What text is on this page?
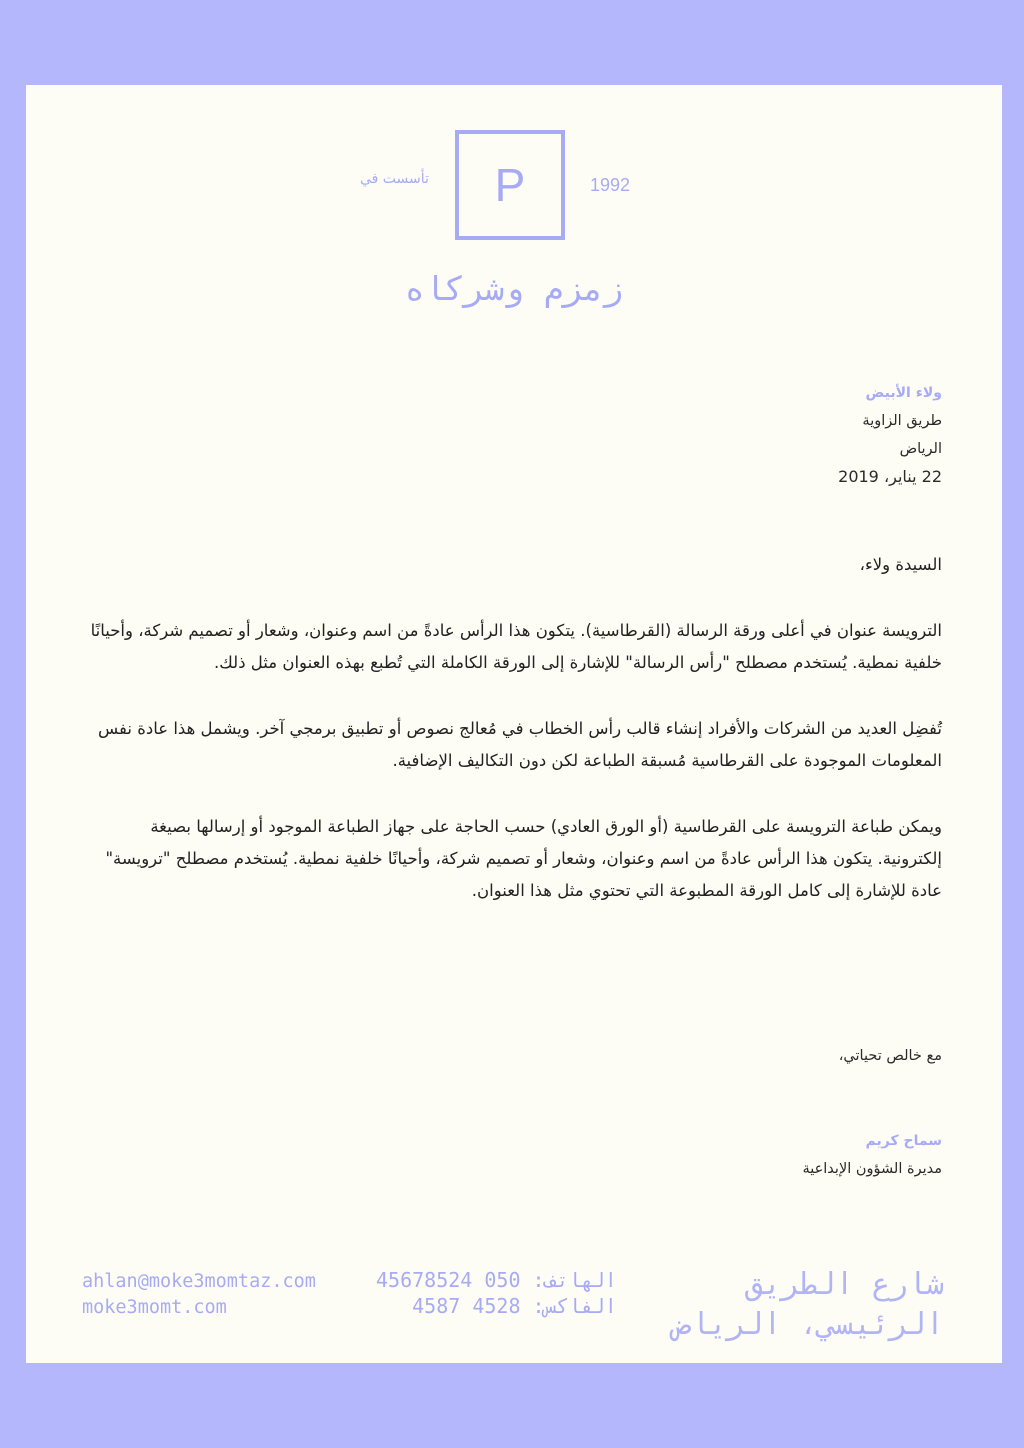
تأسست في P	1992
زمزم وشركاه
ولاء الأبيض
طريق الزاوية
الرياض
22 يناير، 2019

السيدة ولاء،

الترويسة عنوان في أعلى ورقة الرسالة (القرطاسية). يتكون هذا الرأس عادةً من اسم وعنوان، وشعار أو تصميم شركة، وأحيانًا خلفية نمطية. يُستخدم مصطلح "رأس الرسالة" للإشارة إلى الورقة الكاملة التي تُطبع بهذه العنوان مثل ذلك.

تُفضِل العديد من الشركات والأفراد إنشاء قالب رأس الخطاب في مُعالج نصوص أو تطبيق برمجي آخر. ويشمل هذا عادة نفس المعلومات الموجودة على القرطاسية مُسبقة الطباعة لكن دون التكاليف الإضافية.

ويمكن طباعة الترويسة على القرطاسية (أو الورق العادي) حسب الحاجة على جهاز الطباعة الموجود أو إرسالها بصيغة إلكترونية. يتكون هذا الرأس عادةً من اسم وعنوان، وشعار أو تصميم شركة، وأحيانًا خلفية نمطية. يُستخدم مصطلح "ترويسة" عادة للإشارة إلى كامل الورقة المطبوعة التي تحتوي مثل هذا العنوان.

مع خالص تحياتي،
سماح كريم
مديرة الشؤون الإبداعية
شارع الطريق الرئيسي، الرياض
الهاتف: 050 45678524
الفاكس: 4528 4587
ahlan@moke3momtaz.com
moke3momt.com
